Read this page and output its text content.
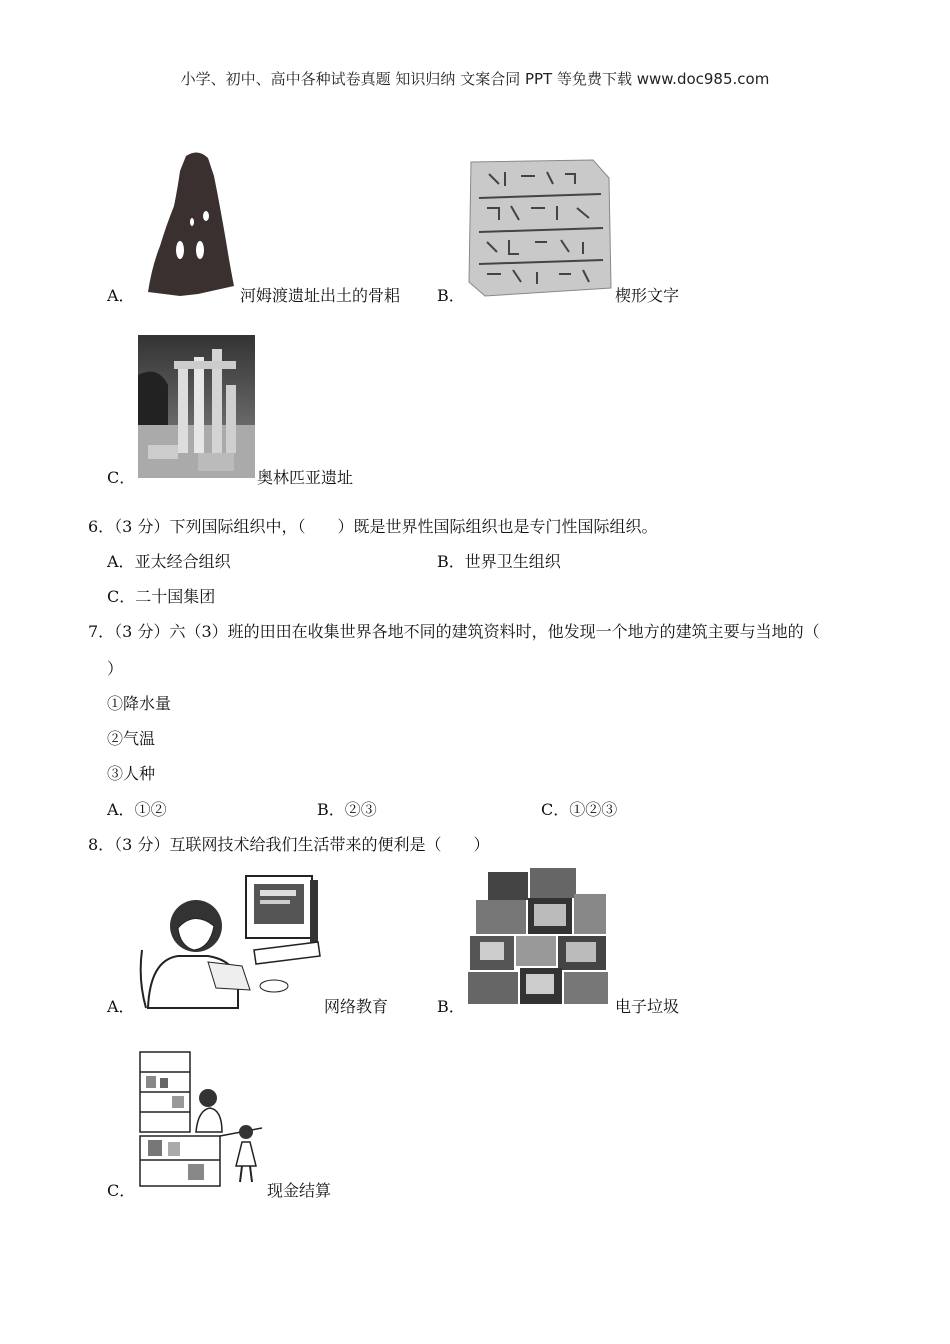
小学、初中、高中各种试卷真题 知识归纳 文案合同 PPT 等免费下载 www.doc985.com
A．	河姆渡遗址出土的骨耜 B．	楔形文字
C．	奥林匹亚遗址
6．（3 分）下列国际组织中，（　　）既是世界性国际组织也是专门性国际组织。
A．亚太经合组织	B．世界卫生组织
C．二十国集团
7．（3 分）六（3）班的田田在收集世界各地不同的建筑资料时，他发现一个地方的建筑主要与当地的（
）
①降水量
②气温
③人种
A．①②	B．②③	C．①②③
8．（3 分）互联网技术给我们生活带来的便利是（　　）
A．	网络教育	B．	电子垃圾
C．	现金结算
